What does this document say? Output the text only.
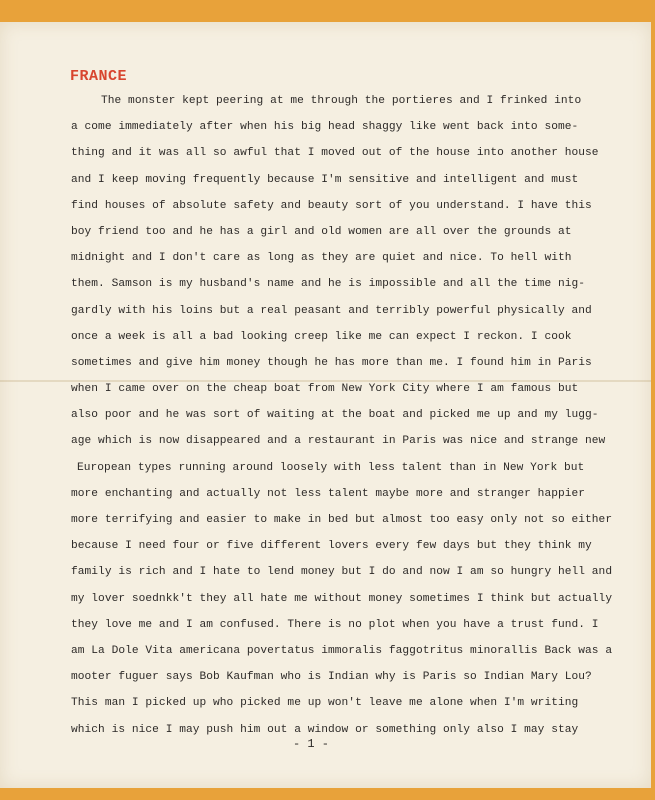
FRANCE
The monster kept peering at me through the portieres and I frinked into
a come immediately after when his big head shaggy like went back into some-
thing and it was all so awful that I moved out of the house into another house
and I keep moving frequently because I'm sensitive and intelligent and must
find houses of absolute safety and beauty sort of you understand. I have this
boy friend too and he has a girl and old women are all over the grounds at
midnight and I don't care as long as they are quiet and nice. To hell with
them. Samson is my husband's name and he is impossible and all the time nig-
gardly with his loins but a real peasant and terribly powerful physically and
once a week is all a bad looking creep like me can expect I reckon. I cook
sometimes and give him money though he has more than me. I found him in Paris
when I came over on the cheap boat from New York City where I am famous but
also poor and he was sort of waiting at the boat and picked me up and my lugg-
age which is now disappeared and a restaurant in Paris was nice and strange new
European types running around loosely with less talent than in New York but
more enchanting and actually not less talent maybe more and stranger happier
more terrifying and easier to make in bed but almost too easy only not so either
because I need four or five different lovers every few days but they think my
family is rich and I hate to lend money but I do and now I am so hungry hell and
my lover soednkk't they all hate me without money sometimes I think but actually
they love me and I am confused. There is no plot when you have a trust fund. I
am La Dole Vita americana povertatus immoralis faggotritus minorallis Back was a
mooter fuguer says Bob Kaufman who is Indian why is Paris so Indian Mary Lou?
This man I picked up who picked me up won't leave me alone when I'm writing
which is nice I may push him out a window or something only also I may stay
- 1 -
